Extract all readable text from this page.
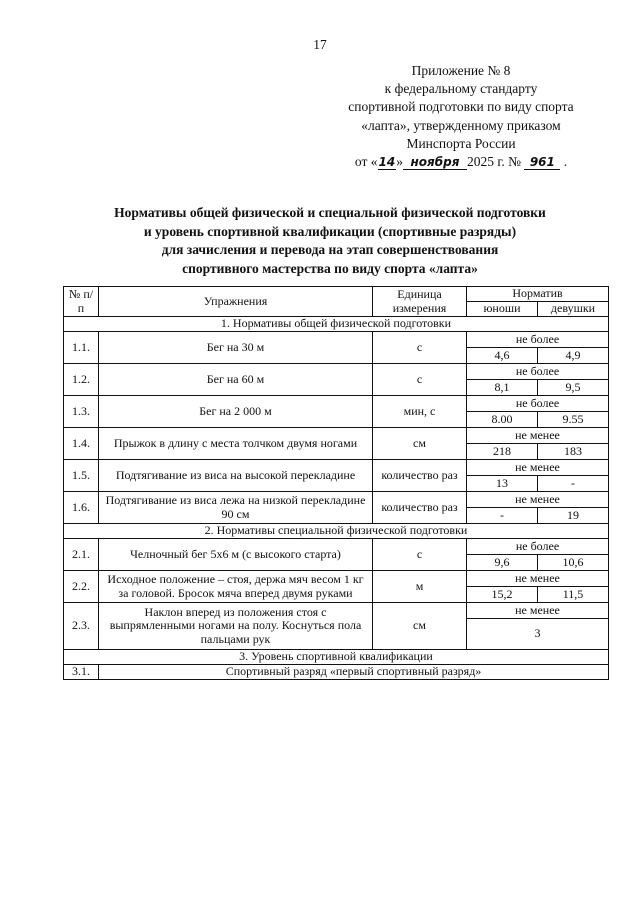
17
Приложение № 8
к федеральному стандарту
спортивной подготовки по виду спорта
«лапта», утвержденному приказом
Минспорта России
от «14» ноября 2025 г. № 961 .
Нормативы общей физической и специальной физической подготовки
и уровень спортивной квалификации (спортивные разряды)
для зачисления и перевода на этап совершенствования
спортивного мастерства по виду спорта «лапта»
№ п/п	Упражнения	Единица измерения	Норматив	
			юноши	девушки
1. Нормативы общей физической подготовки				
1.1.	Бег на 30 м	с	не более	
			4,6	4,9
1.2.	Бег на 60 м	с	не более	
			8,1	9,5
1.3.	Бег на 2 000 м	мин, с	не более	
			8.00	9.55
1.4.	Прыжок в длину с места толчком двумя ногами	см	не менее	
			218	183
1.5.	Подтягивание из виса на высокой перекладине	количество раз	не менее	
			13	-
1.6.	Подтягивание из виса лежа на низкой перекладине 90 см	количество раз	не менее	
			-	19
2. Нормативы специальной физической подготовки				
2.1.	Челночный бег 5х6 м (с высокого старта)	с	не более	
			9,6	10,6
2.2.	Исходное положение – стоя, держа мяч весом 1 кг за головой. Бросок мяча вперед двумя руками	м	не менее	
			15,2	11,5
2.3.	Наклон вперед из положения стоя с выпрямленными ногами на полу. Коснуться пола пальцами рук	см	не менее	
			3	
3. Уровень спортивной квалификации				
3.1.	Спортивный разряд «первый спортивный разряд»			
